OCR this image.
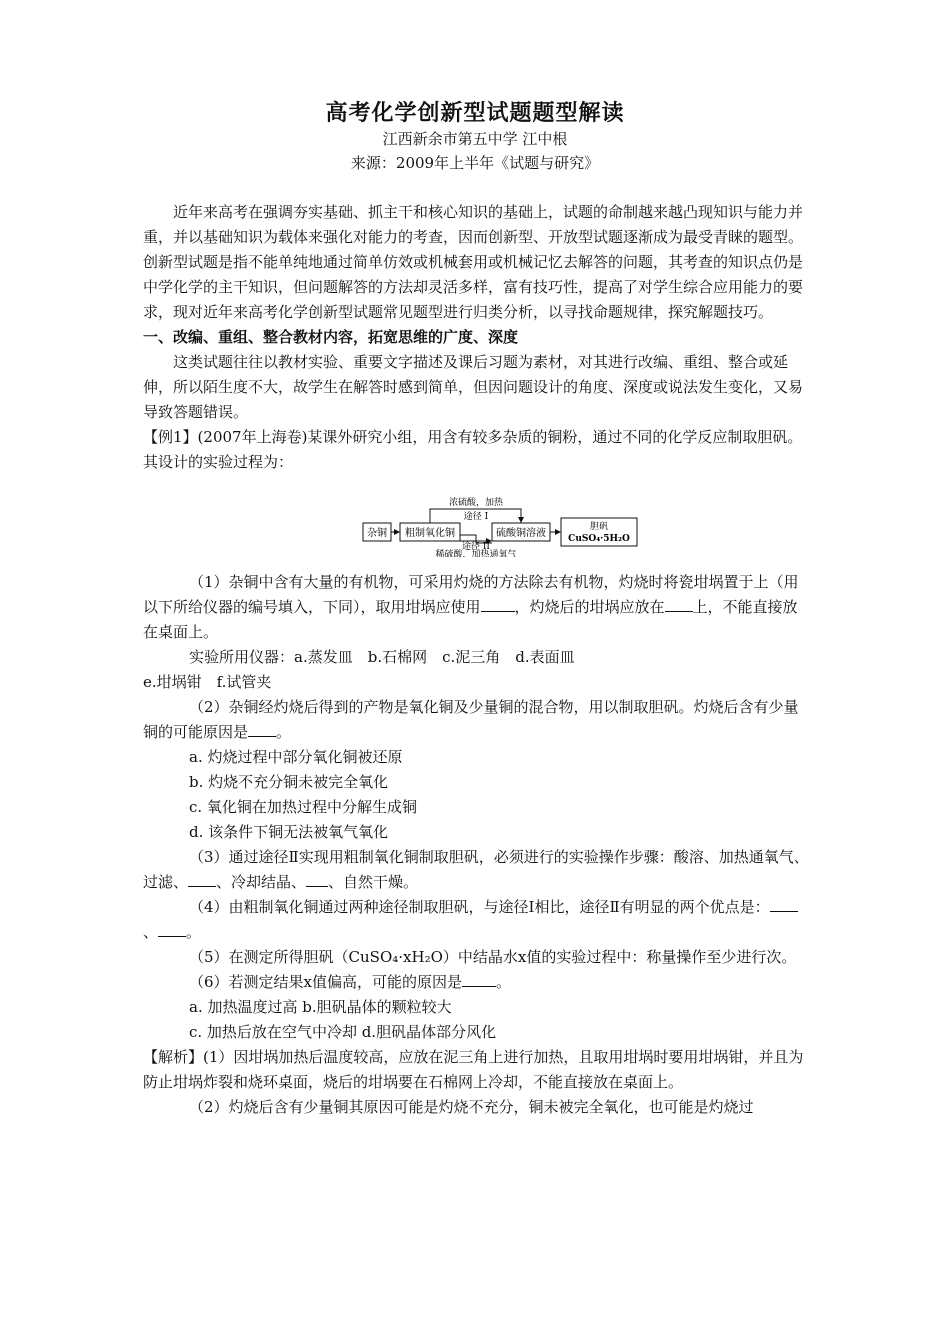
高考化学创新型试题题型解读
江西新余市第五中学 江中根
来源：2009年上半年《试题与研究》

近年来高考在强调夯实基础、抓主干和核心知识的基础上，试题的命制越来越凸现知识与能力并重，并以基础知识为载体来强化对能力的考查，因而创新型、开放型试题逐渐成为最受青睐的题型。创新型试题是指不能单纯地通过简单仿效或机械套用或机械记忆去解答的问题，其考查的知识点仍是中学化学的主干知识，但问题解答的方法却灵活多样，富有技巧性，提高了对学生综合应用能力的要求，现对近年来高考化学创新型试题常见题型进行归类分析，以寻找命题规律，探究解题技巧。

一、改编、重组、整合教材内容，拓宽思维的广度、深度

这类试题往往以教材实验、重要文字描述及课后习题为素材，对其进行改编、重组、整合或延伸，所以陌生度不大，故学生在解答时感到简单，但因问题设计的角度、深度或说法发生变化，又易导致答题错误。

【例1】(2007年上海卷)某课外研究小组，用含有较多杂质的铜粉，通过不同的化学反应制取胆矾。其设计的实验过程为：

杂铜 粗制氧化铜	硫酸铜溶液
胆矾
CuSO₄·5H₂O
浓硫酸，加热
途径 I
途径 II
稀硫酸，加热通氧气

（1）杂铜中含有大量的有机物，可采用灼烧的方法除去有机物，灼烧时将瓷坩埚置于上（用以下所给仪器的编号填入，下同），取用坩埚应使用 ，灼烧后的坩埚应放在 上，不能直接放在桌面上。

实验所用仪器：a.蒸发皿　b.石棉网　c.泥三角　d.表面皿

e.坩埚钳　f.试管夹

（2）杂铜经灼烧后得到的产物是氧化铜及少量铜的混合物，用以制取胆矾。灼烧后含有少量铜的可能原因是 。

a. 灼烧过程中部分氧化铜被还原

b. 灼烧不充分铜未被完全氧化

c. 氧化铜在加热过程中分解生成铜

d. 该条件下铜无法被氧气氧化

（3）通过途径Ⅱ实现用粗制氧化铜制取胆矾，必须进行的实验操作步骤：酸溶、加热通氧气、过滤、 、冷却结晶、 、自然干燥。

（4）由粗制氧化铜通过两种途径制取胆矾，与途径Ⅰ相比，途径Ⅱ有明显的两个优点是：、 。

（5）在测定所得胆矾（CuSO₄·xH₂O）中结晶水x值的实验过程中：称量操作至少进行次。

（6）若测定结果x值偏高，可能的原因是 。

a. 加热温度过高 b.胆矾晶体的颗粒较大

c. 加热后放在空气中冷却 d.胆矾晶体部分风化

【解析】(1）因坩埚加热后温度较高，应放在泥三角上进行加热，且取用坩埚时要用坩埚钳，并且为防止坩埚炸裂和烧环桌面，烧后的坩埚要在石棉网上冷却，不能直接放在桌面上。

（2）灼烧后含有少量铜其原因可能是灼烧不充分，铜未被完全氧化，也可能是灼烧过
